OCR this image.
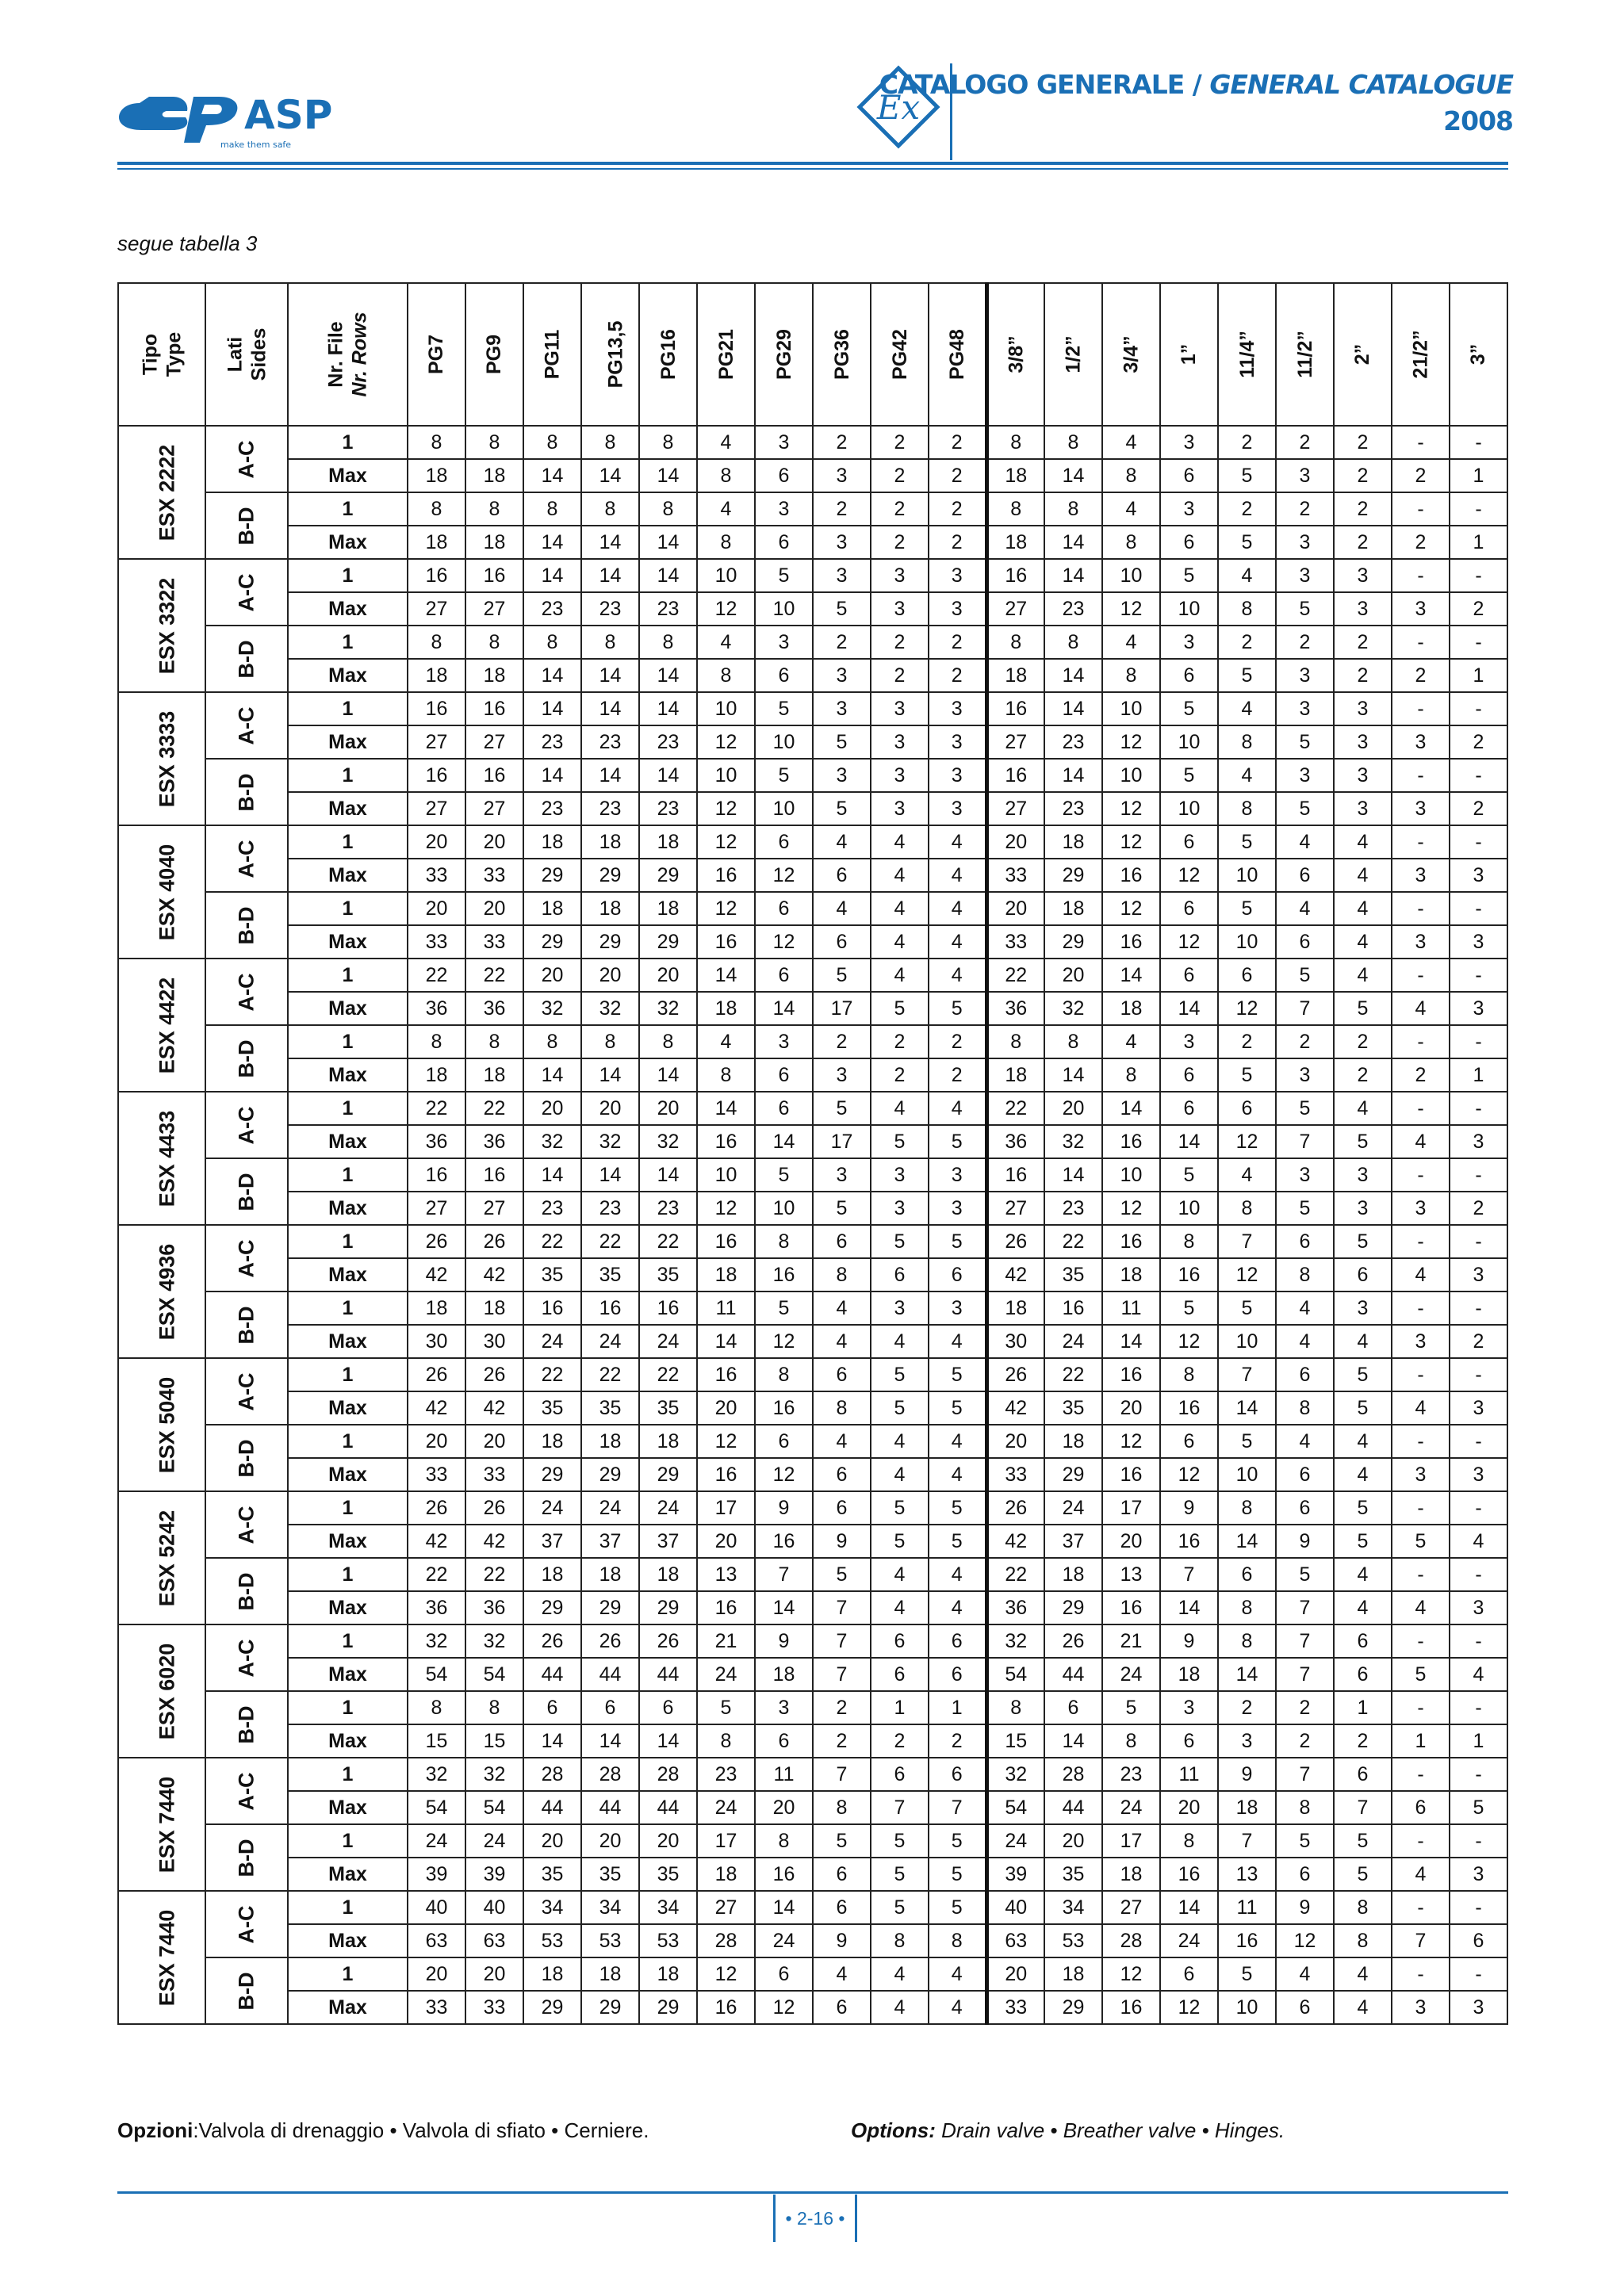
ASP
make them safe
Ex
CATALOGO GENERALE / GENERAL CATALOGUE
2008
segue tabella 3
Tipo Type	Lati Sides	Nr. File Nr. Rows	PG7	PG9	PG11	PG13,5	PG16	PG21	PG29	PG36	PG42	PG48	3/8”	1/2”	3/4”	1”	11/4”	11/2”	2”	21/2”	3”
ESX 2222	A-C	1	8	8	8	8	8	4	3	2	2	2	8	8	4	3	2	2	2	-	-
		Max	18	18	14	14	14	8	6	3	2	2	18	14	8	6	5	3	2	2	1
	B-D	1	8	8	8	8	8	4	3	2	2	2	8	8	4	3	2	2	2	-	-
		Max	18	18	14	14	14	8	6	3	2	2	18	14	8	6	5	3	2	2	1
ESX 3322	A-C	1	16	16	14	14	14	10	5	3	3	3	16	14	10	5	4	3	3	-	-
		Max	27	27	23	23	23	12	10	5	3	3	27	23	12	10	8	5	3	3	2
	B-D	1	8	8	8	8	8	4	3	2	2	2	8	8	4	3	2	2	2	-	-
		Max	18	18	14	14	14	8	6	3	2	2	18	14	8	6	5	3	2	2	1
ESX 3333	A-C	1	16	16	14	14	14	10	5	3	3	3	16	14	10	5	4	3	3	-	-
		Max	27	27	23	23	23	12	10	5	3	3	27	23	12	10	8	5	3	3	2
	B-D	1	16	16	14	14	14	10	5	3	3	3	16	14	10	5	4	3	3	-	-
		Max	27	27	23	23	23	12	10	5	3	3	27	23	12	10	8	5	3	3	2
ESX 4040	A-C	1	20	20	18	18	18	12	6	4	4	4	20	18	12	6	5	4	4	-	-
		Max	33	33	29	29	29	16	12	6	4	4	33	29	16	12	10	6	4	3	3
	B-D	1	20	20	18	18	18	12	6	4	4	4	20	18	12	6	5	4	4	-	-
		Max	33	33	29	29	29	16	12	6	4	4	33	29	16	12	10	6	4	3	3
ESX 4422	A-C	1	22	22	20	20	20	14	6	5	4	4	22	20	14	6	6	5	4	-	-
		Max	36	36	32	32	32	18	14	17	5	5	36	32	18	14	12	7	5	4	3
	B-D	1	8	8	8	8	8	4	3	2	2	2	8	8	4	3	2	2	2	-	-
		Max	18	18	14	14	14	8	6	3	2	2	18	14	8	6	5	3	2	2	1
ESX 4433	A-C	1	22	22	20	20	20	14	6	5	4	4	22	20	14	6	6	5	4	-	-
		Max	36	36	32	32	32	16	14	17	5	5	36	32	16	14	12	7	5	4	3
	B-D	1	16	16	14	14	14	10	5	3	3	3	16	14	10	5	4	3	3	-	-
		Max	27	27	23	23	23	12	10	5	3	3	27	23	12	10	8	5	3	3	2
ESX 4936	A-C	1	26	26	22	22	22	16	8	6	5	5	26	22	16	8	7	6	5	-	-
		Max	42	42	35	35	35	18	16	8	6	6	42	35	18	16	12	8	6	4	3
	B-D	1	18	18	16	16	16	11	5	4	3	3	18	16	11	5	5	4	3	-	-
		Max	30	30	24	24	24	14	12	4	4	4	30	24	14	12	10	4	4	3	2
ESX 5040	A-C	1	26	26	22	22	22	16	8	6	5	5	26	22	16	8	7	6	5	-	-
		Max	42	42	35	35	35	20	16	8	5	5	42	35	20	16	14	8	5	4	3
	B-D	1	20	20	18	18	18	12	6	4	4	4	20	18	12	6	5	4	4	-	-
		Max	33	33	29	29	29	16	12	6	4	4	33	29	16	12	10	6	4	3	3
ESX 5242	A-C	1	26	26	24	24	24	17	9	6	5	5	26	24	17	9	8	6	5	-	-
		Max	42	42	37	37	37	20	16	9	5	5	42	37	20	16	14	9	5	5	4
	B-D	1	22	22	18	18	18	13	7	5	4	4	22	18	13	7	6	5	4	-	-
		Max	36	36	29	29	29	16	14	7	4	4	36	29	16	14	8	7	4	4	3
ESX 6020	A-C	1	32	32	26	26	26	21	9	7	6	6	32	26	21	9	8	7	6	-	-
		Max	54	54	44	44	44	24	18	7	6	6	54	44	24	18	14	7	6	5	4
	B-D	1	8	8	6	6	6	5	3	2	1	1	8	6	5	3	2	2	1	-	-
		Max	15	15	14	14	14	8	6	2	2	2	15	14	8	6	3	2	2	1	1
ESX 7440	A-C	1	32	32	28	28	28	23	11	7	6	6	32	28	23	11	9	7	6	-	-
		Max	54	54	44	44	44	24	20	8	7	7	54	44	24	20	18	8	7	6	5
	B-D	1	24	24	20	20	20	17	8	5	5	5	24	20	17	8	7	5	5	-	-
		Max	39	39	35	35	35	18	16	6	5	5	39	35	18	16	13	6	5	4	3
ESX 7440	A-C	1	40	40	34	34	34	27	14	6	5	5	40	34	27	14	11	9	8	-	-
		Max	63	63	53	53	53	28	24	9	8	8	63	53	28	24	16	12	8	7	6
	B-D	1	20	20	18	18	18	12	6	4	4	4	20	18	12	6	5	4	4	-	-
		Max	33	33	29	29	29	16	12	6	4	4	33	29	16	12	10	6	4	3	3
Opzioni:Valvola di drenaggio • Valvola di sfiato • Cerniere.	Options: Drain valve • Breather valve • Hinges.
• 2-16 •
